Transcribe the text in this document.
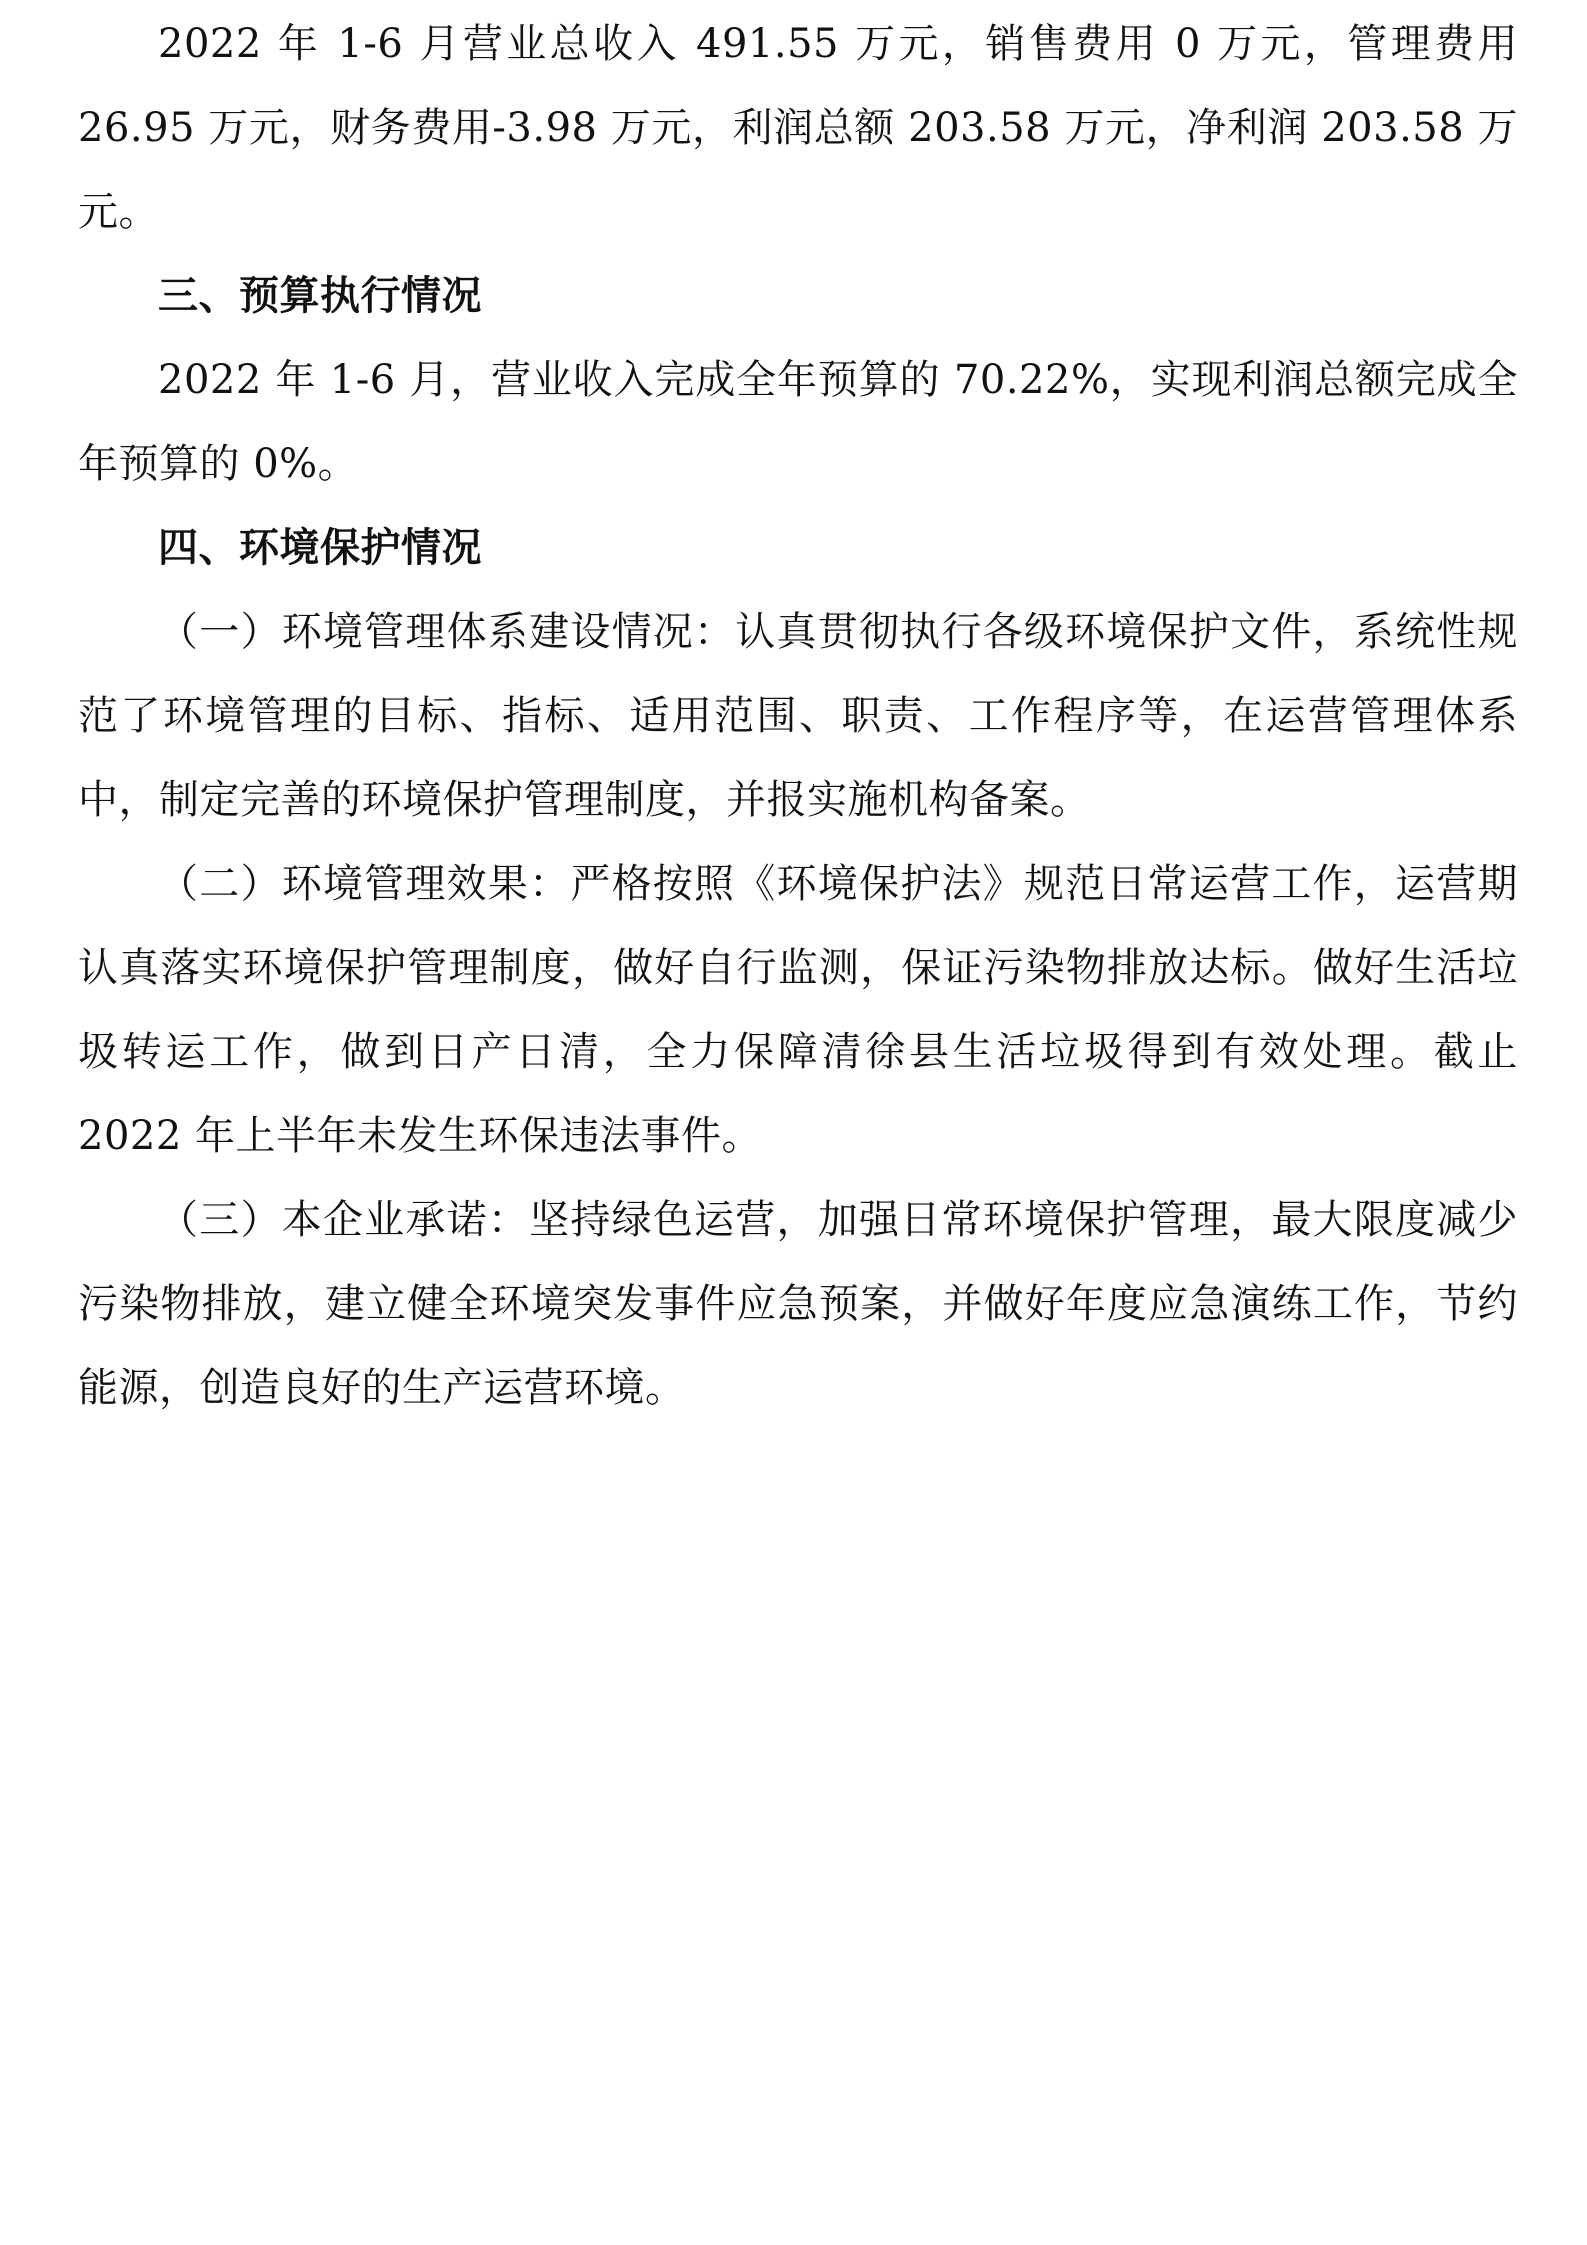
2022 年 1-6 月营业总收入 491.55 万元，销售费用 0 万元，管理费用 26.95 万元，财务费用-3.98 万元，利润总额 203.58 万元，净利润 203.58 万元。

三、预算执行情况

2022 年 1-6 月，营业收入完成全年预算的 70.22%，实现利润总额完成全年预算的 0%。

四、环境保护情况

（一）环境管理体系建设情况：认真贯彻执行各级环境保护文件，系统性规范了环境管理的目标、指标、适用范围、职责、工作程序等，在运营管理体系中，制定完善的环境保护管理制度，并报实施机构备案。

（二）环境管理效果：严格按照《环境保护法》规范日常运营工作，运营期认真落实环境保护管理制度，做好自行监测，保证污染物排放达标。做好生活垃圾转运工作，做到日产日清，全力保障清徐县生活垃圾得到有效处理。截止 2022 年上半年未发生环保违法事件。

（三）本企业承诺：坚持绿色运营，加强日常环境保护管理，最大限度减少污染物排放，建立健全环境突发事件应急预案，并做好年度应急演练工作，节约能源，创造良好的生产运营环境。
